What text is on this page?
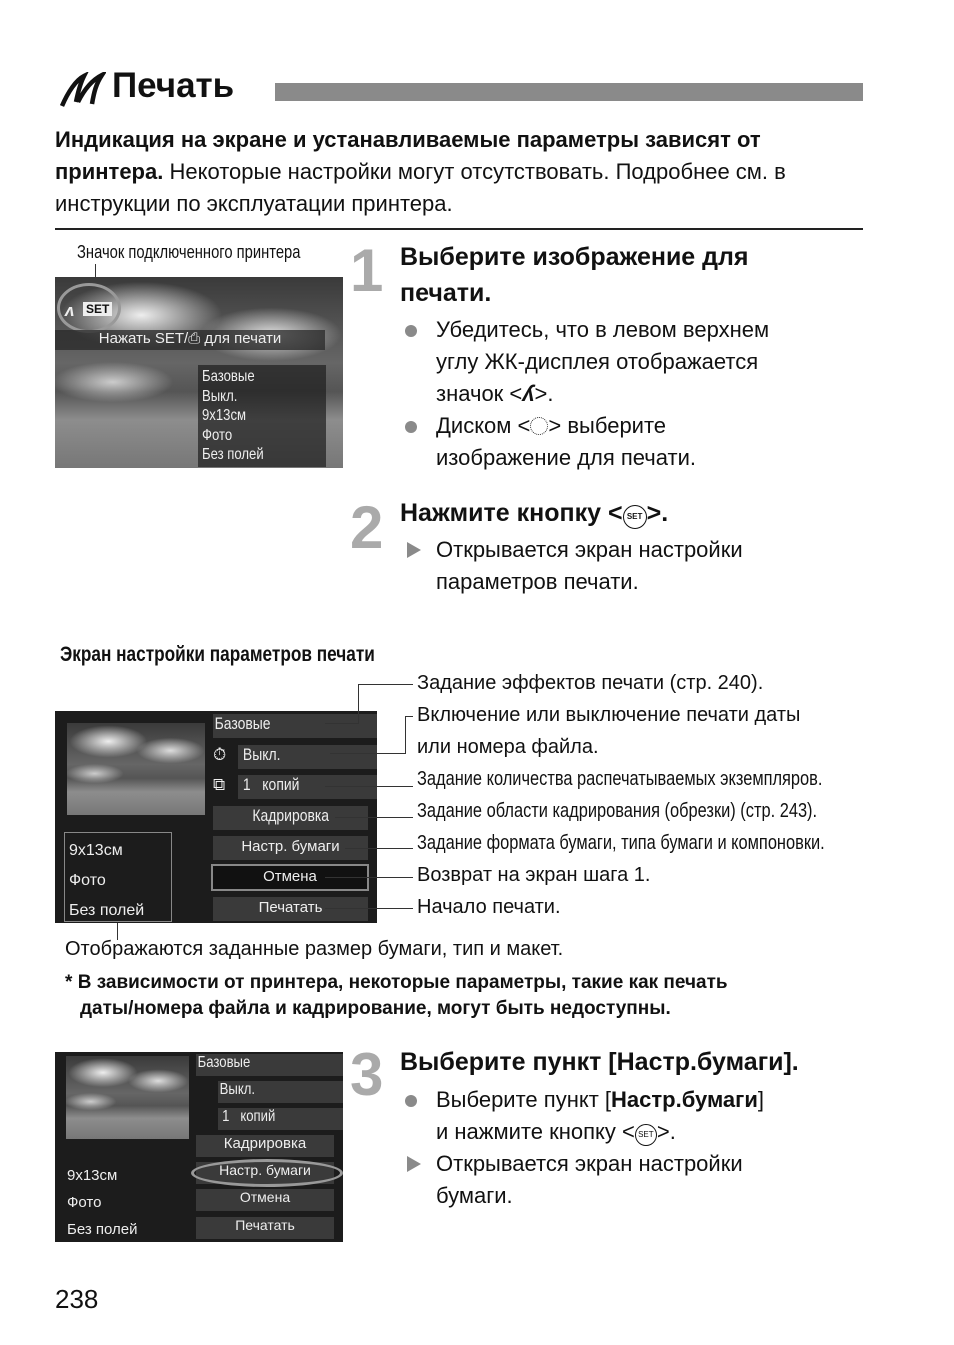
Печать
Индикация на экране и устанавливаемые параметры зависят от принтера. Некоторые настройки могут отсутствовать. Подробнее см. в инструкции по эксплуатации принтера.
Значок подключенного принтера
ʌ SET
Нажать SET/⎙ для печати
Базовые
Выкл.
9x13см
Фото
Без полей
1 Выберите изображение для
печати.
Убедитесь, что в левом верхнем
углу ЖК-дисплея отображается
значок <ʎ>.
Диском < > выберите
изображение для печати.
2 Нажмите кнопку < SET >.
Открывается экран настройки
параметров печати.
Экран настройки параметров печати
Базовые
⏱ Выкл.
⧉ 1 копий
Кадрировка
Настр. бумаги
Отмена
Печатать
9x13см
Фото
Без полей
Задание эффектов печати (стр. 240).
Включение или выключение печати даты
или номера файла.
Задание количества распечатываемых экземпляров.
Задание области кадрирования (обрезки) (стр. 243).
Задание формата бумаги, типа бумаги и компоновки.
Возврат на экран шага 1.
Начало печати.
Отображаются заданные размер бумаги, тип и макет.
* В зависимости от принтера, некоторые параметры, такие как печать
даты/номера файла и кадрирование, могут быть недоступны.
Базовые
Выкл.
1 копий
Кадрировка
Настр. бумаги
Отмена
Печатать
9x13см
Фото
Без полей
3 Выберите пункт [Настр.бумаги].
Выберите пункт [Настр.бумаги]
и нажмите кнопку < SET >.
Открывается экран настройки
бумаги.
238
